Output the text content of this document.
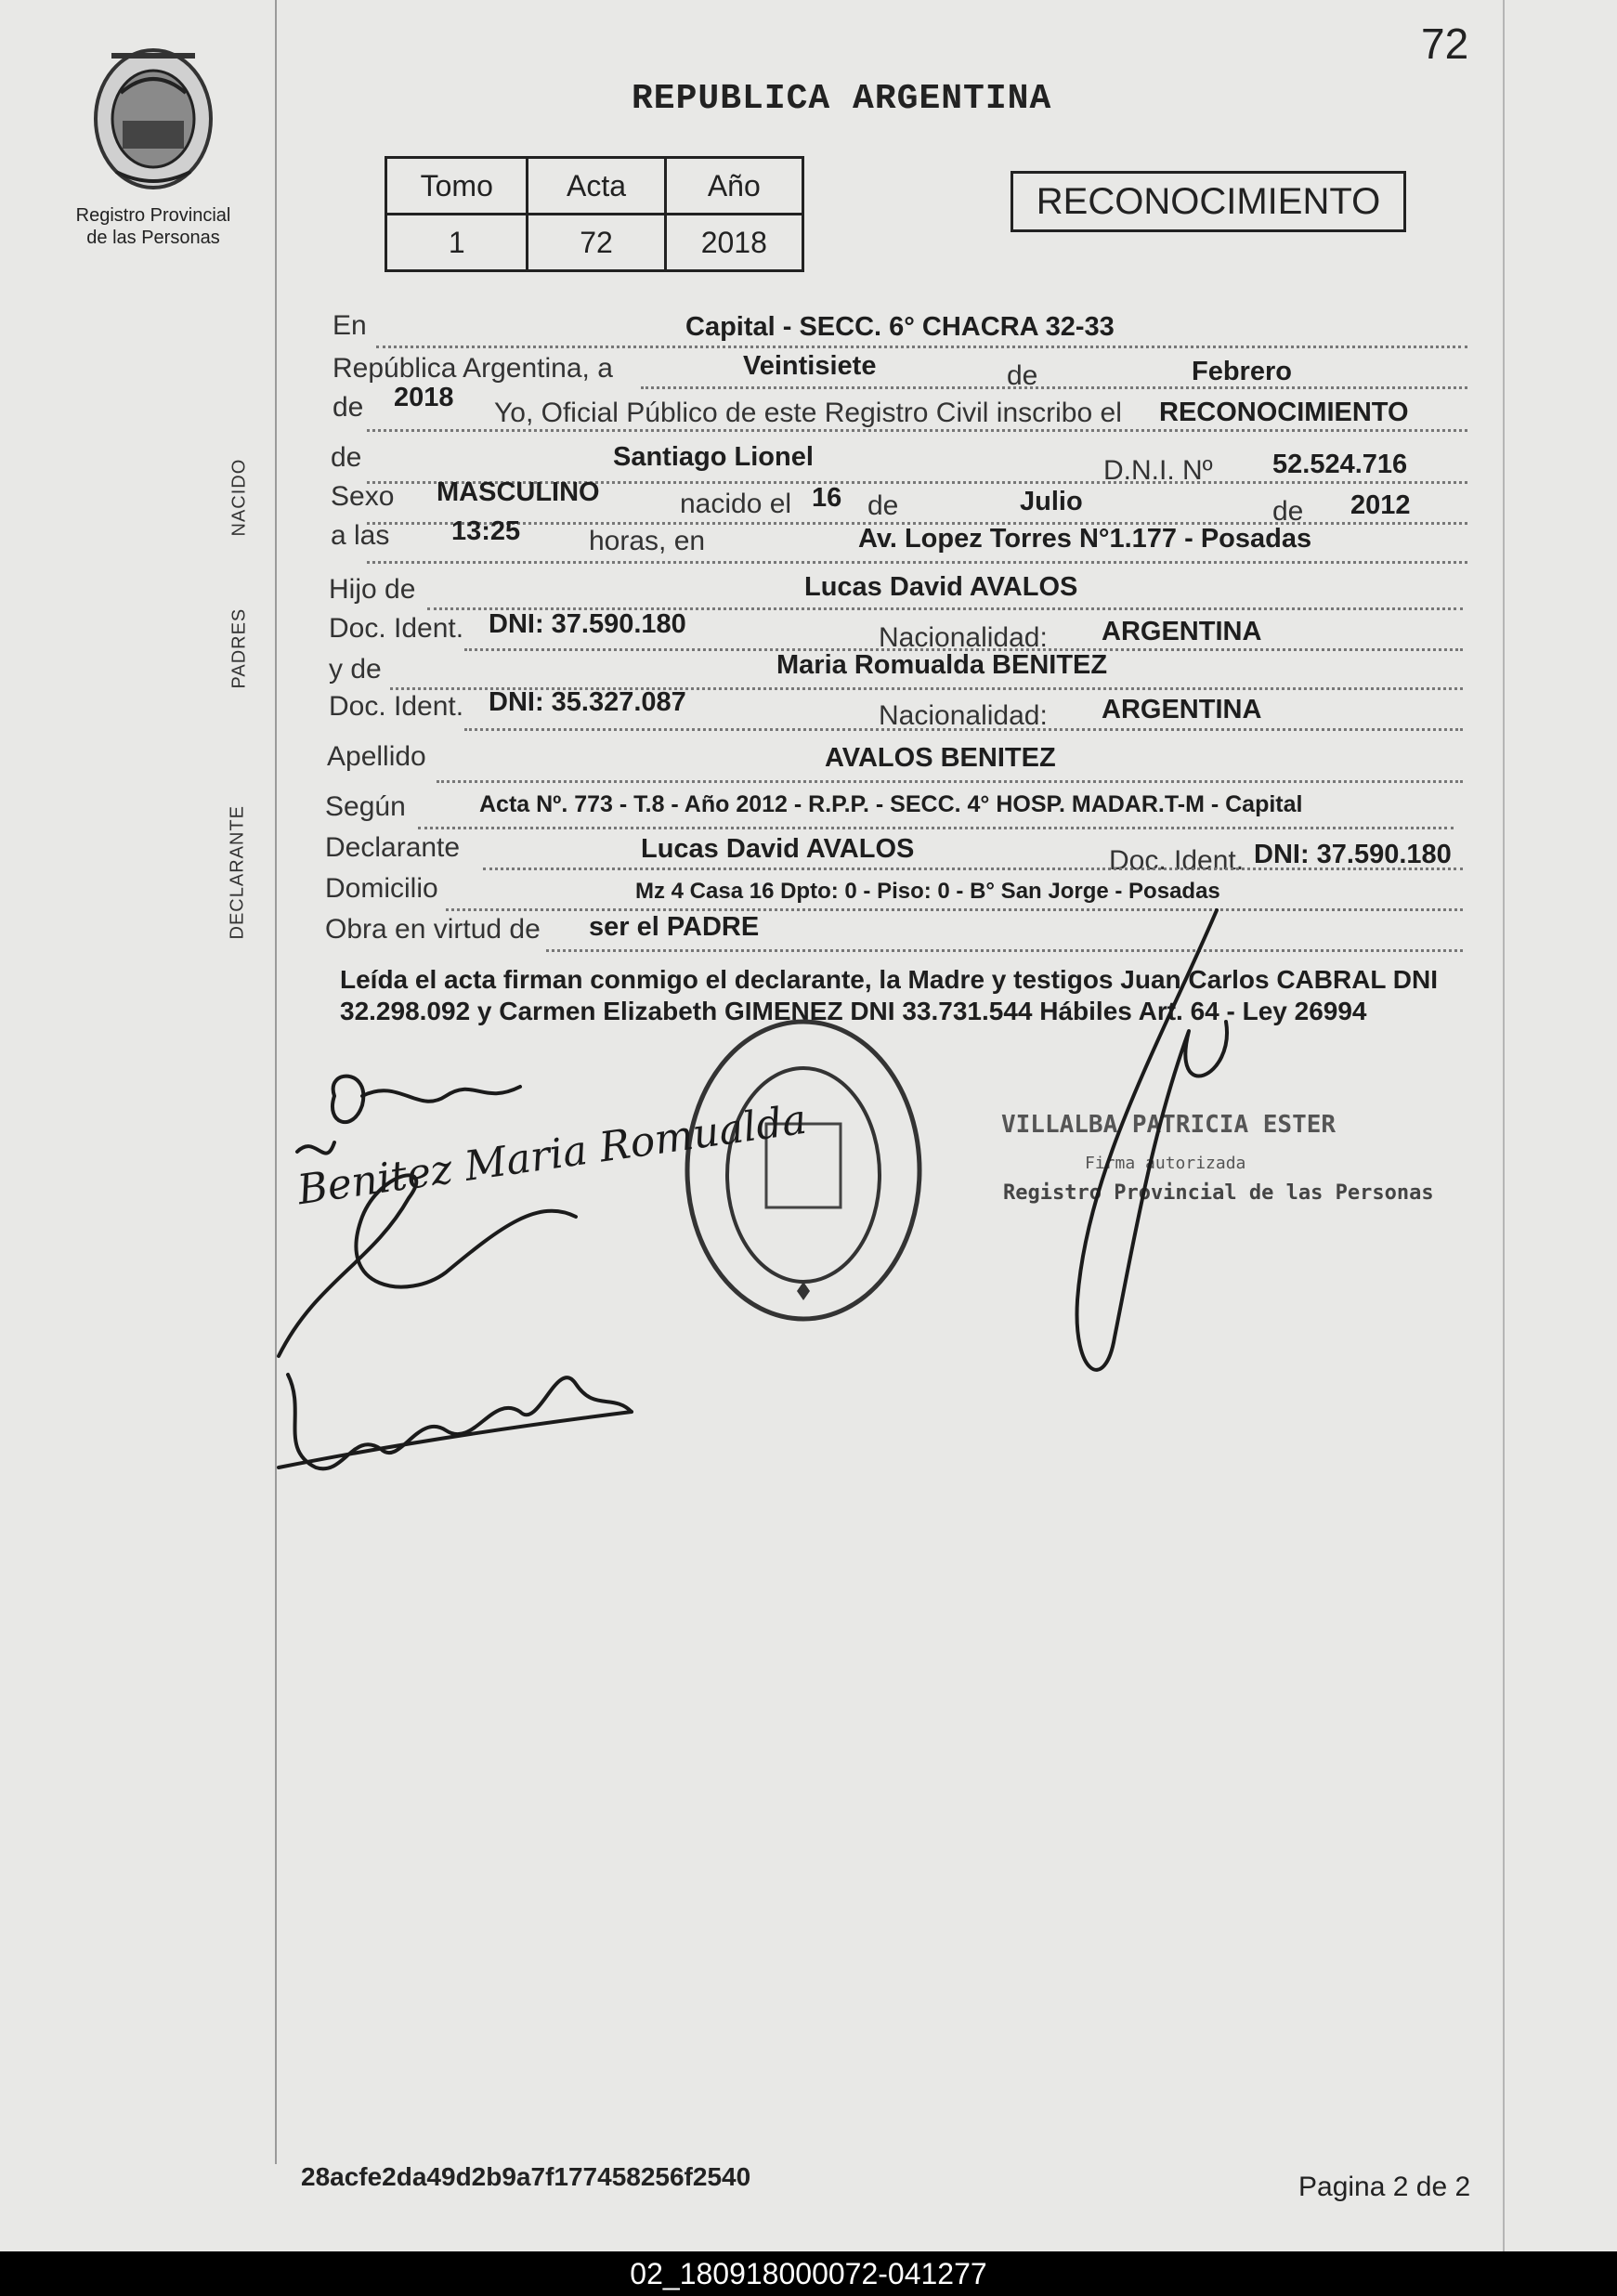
72
Registro Provincial
de las Personas
REPUBLICA ARGENTINA
Tomo	Acta	Año
1	72	2018
RECONOCIMIENTO
NACIDO
PADRES
DECLARANTE
En	Capital - SECC. 6° CHACRA 32-33
República Argentina, a	Veintisiete	de	Febrero
de 2018 Yo, Oficial Público de este Registro Civil inscribo el RECONOCIMIENTO
de	Santiago Lionel	D.N.I. Nº 52.524.716
Sexo MASCULINO	nacido el 16 de	Julio	de 2012
a las 13:25 horas, en	Av. Lopez Torres N°1.177 - Posadas
Hijo de	Lucas David AVALOS
Doc. Ident. DNI: 37.590.180	Nacionalidad: ARGENTINA
y de	Maria Romualda BENITEZ
Doc. Ident. DNI: 35.327.087	Nacionalidad: ARGENTINA
Apellido	AVALOS BENITEZ
Según	Acta Nº. 773 - T.8 - Año 2012 - R.P.P. - SECC. 4° HOSP. MADAR.T-M - Capital
Declarante	Lucas David AVALOS	Doc. Ident. DNI: 37.590.180
Domicilio	Mz 4 Casa 16 Dpto: 0 - Piso: 0 - B° San Jorge - Posadas
Obra en virtud de ser el PADRE
Leída el acta firman conmigo el declarante, la Madre y testigos Juan Carlos CABRAL DNI 32.298.092 y Carmen Elizabeth GIMENEZ DNI 33.731.544 Hábiles Art. 64 - Ley 26994
VILLALBA PATRICIA ESTER
Firma autorizada
Registro Provincial de las Personas
Benitez Maria Romualda
28acfe2da49d2b9a7f177458256f2540	Pagina 2 de 2
02_180918000072-041277
